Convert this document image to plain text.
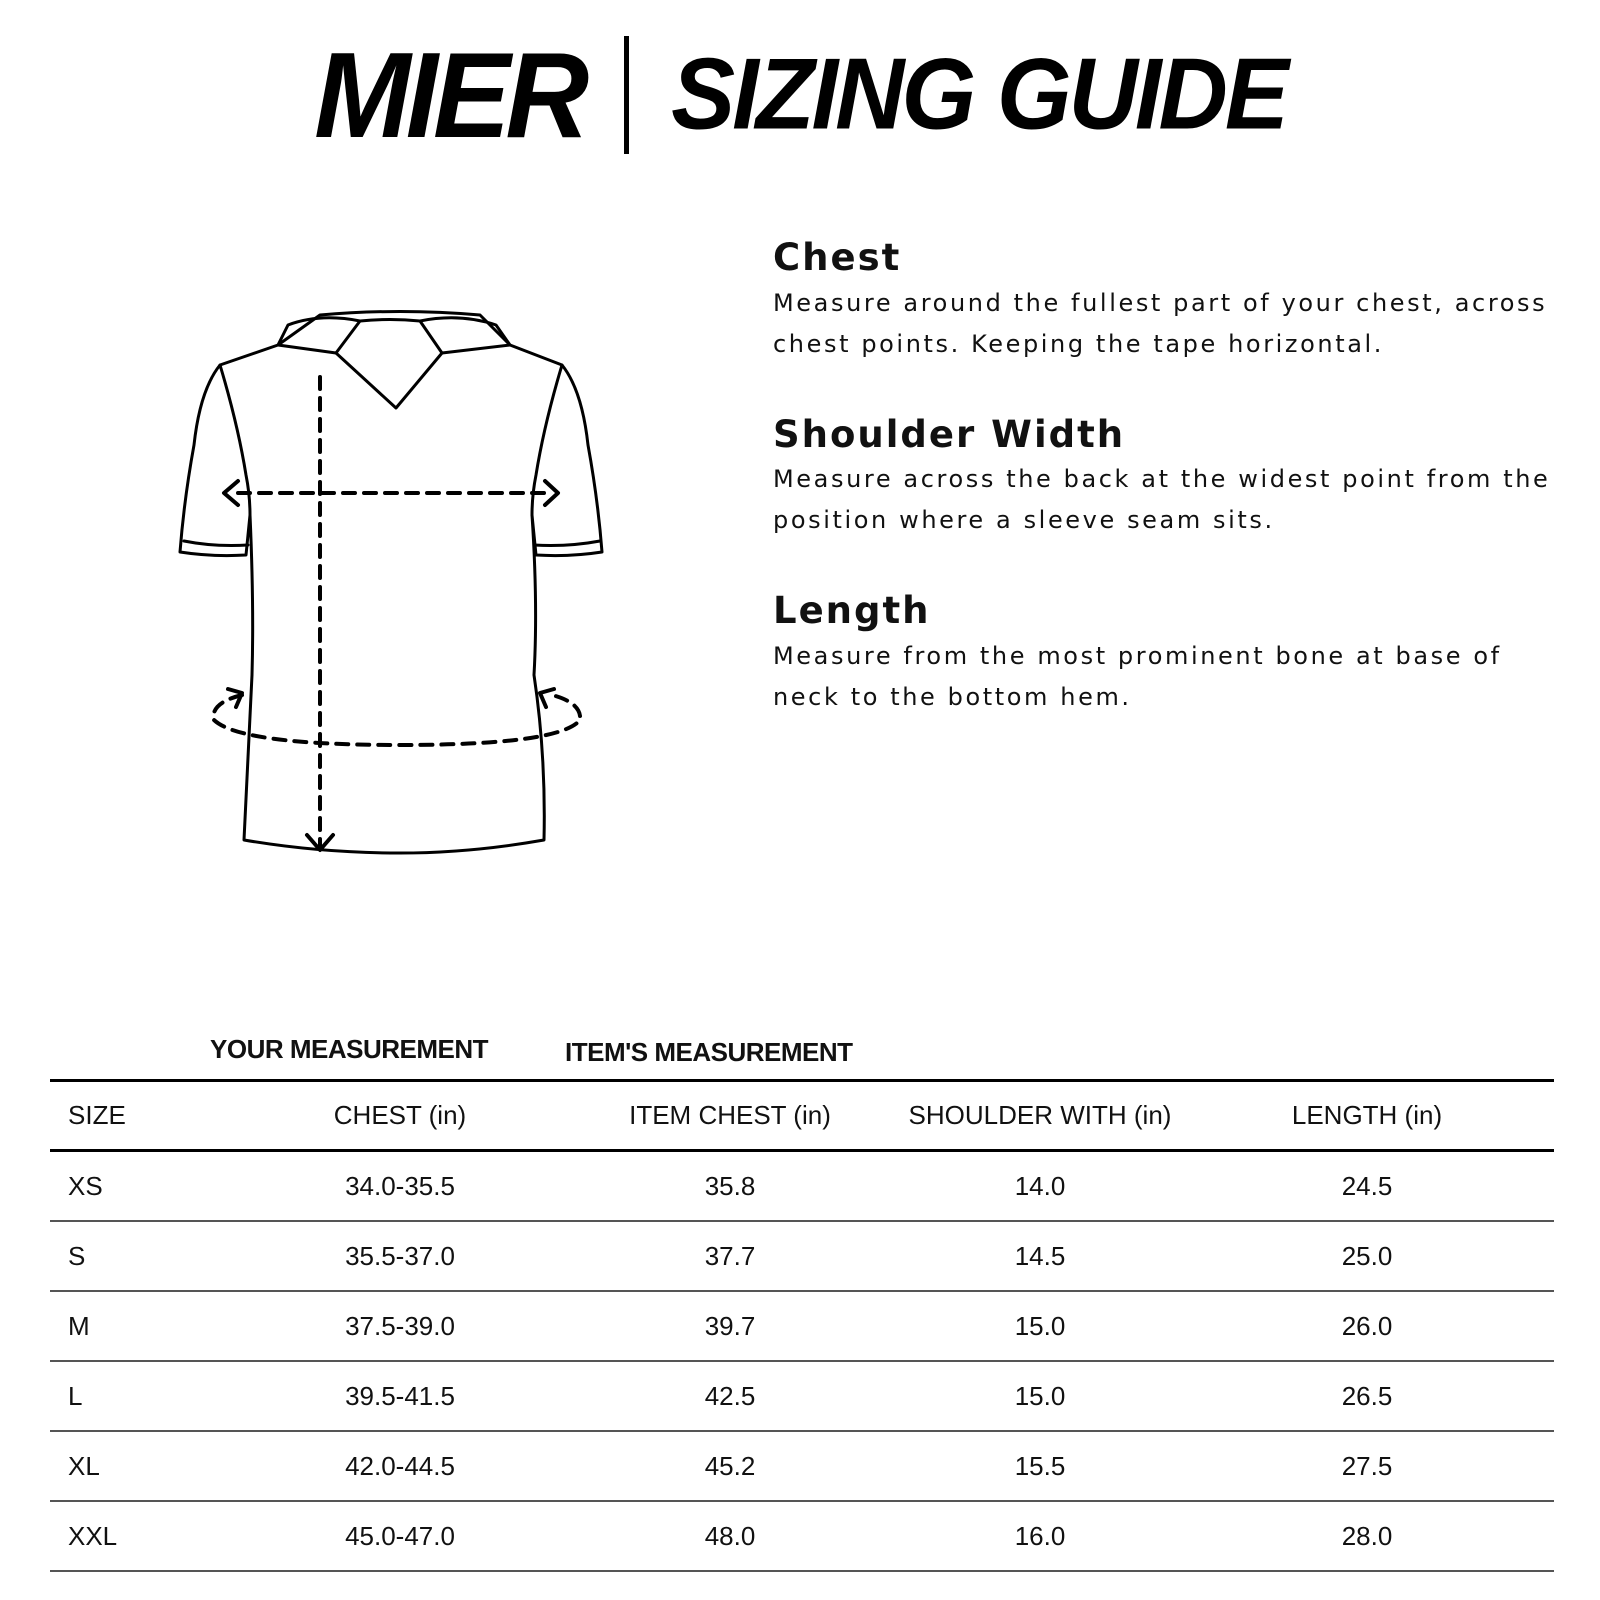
MIER SIZING GUIDE
Chest
Measure around the fullest part of your chest, across chest points. Keeping the tape horizontal.
Shoulder Width
Measure across the back at the widest point from the position where a sleeve seam sits.
Length
Measure from the most prominent bone at base of neck to the bottom hem.
YOUR MEASUREMENT	ITEM'S MEASUREMENT
SIZE	CHEST (in)	ITEM CHEST (in)	SHOULDER WITH (in)	LENGTH (in)
XS	34.0-35.5	35.8	14.0	24.5
S	35.5-37.0	37.7	14.5	25.0
M	37.5-39.0	39.7	15.0	26.0
L	39.5-41.5	42.5	15.0	26.5
XL	42.0-44.5	45.2	15.5	27.5
XXL	45.0-47.0	48.0	16.0	28.0
